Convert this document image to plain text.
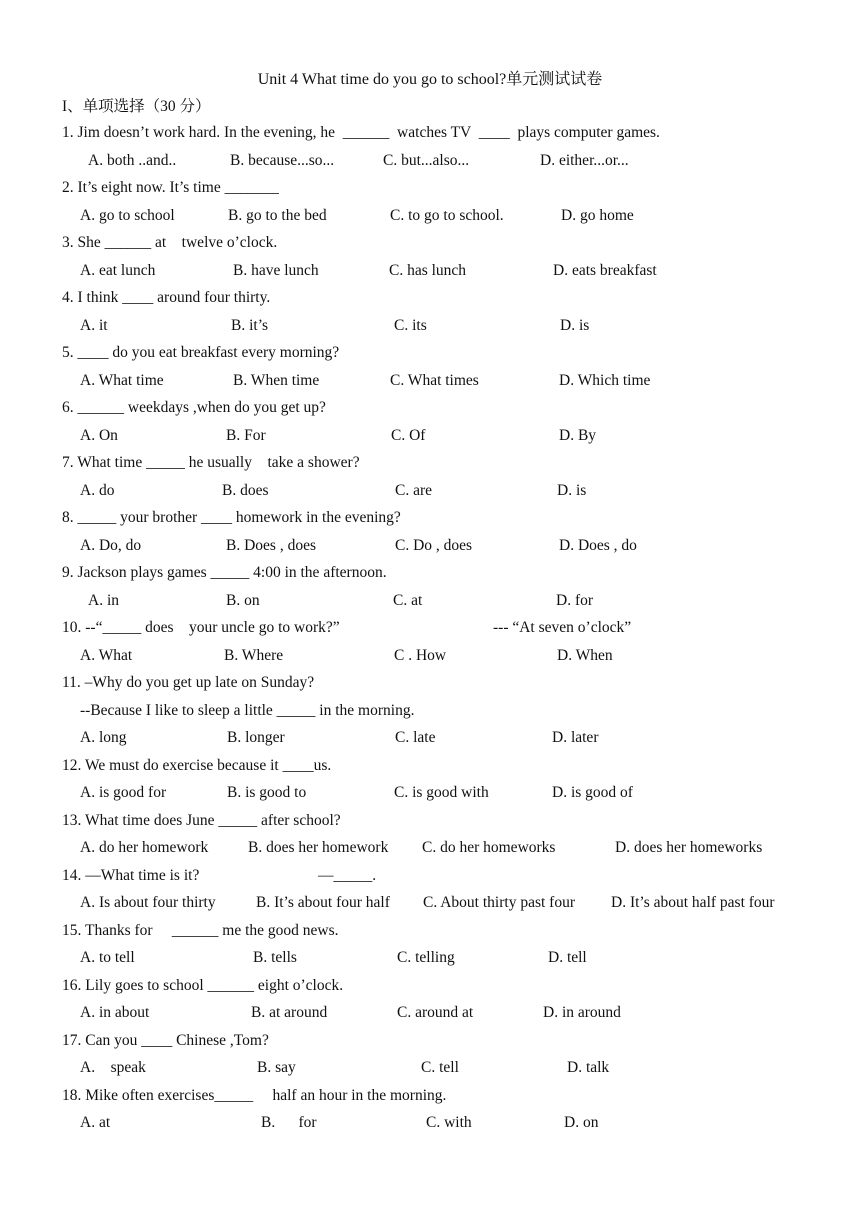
Unit 4 What time do you go to school?单元测试试卷
I、单项选择（30 分）
1. Jim doesn’t work hard. In the evening, he  ______  watches TV  ____  plays computer games.
A. both ..and..	B. because...so...	C. but...also...	D. either...or...
2. It’s eight now. It’s time _______
A. go to school	B. go to the bed	C. to go to school.	D. go home
3. She ______ at    twelve o’clock.
A. eat lunch	B. have lunch	C. has lunch	D. eats breakfast
4. I think ____ around four thirty.
A. it	B. it’s	C. its	D. is
5. ____ do you eat breakfast every morning?
A. What time	B. When time	C. What times	D. Which time
6. ______ weekdays ,when do you get up?
A. On	B. For	C. Of	D. By
7. What time _____ he usually    take a shower?
A. do	B. does	C. are	D. is
8. _____ your brother ____ homework in the evening?
A. Do, do	B. Does , does	C. Do , does	D. Does , do
9. Jackson plays games _____ 4:00 in the afternoon.
A. in	B. on	C. at	D. for
10. --“_____ does    your uncle go to work?”	--- “At seven o’clock”
A. What	B. Where	C . How	D. When
11. –Why do you get up late on Sunday?
--Because I like to sleep a little _____ in the morning.
A. long	B. longer	C. late	D. later
12. We must do exercise because it ____us.
A. is good for	B. is good to	C. is good with	D. is good of
13. What time does June _____ after school?
A. do her homework	B. does her homework C. do her homeworks	D. does her homeworks
14. —What time is it?	—_____.
A. Is about four thirty	B. It’s about four half C. About thirty past four D. It’s about half past four
15. Thanks for     ______ me the good news.
A. to tell	B. tells	C. telling	D. tell
16. Lily goes to school ______ eight o’clock.
A. in about	B. at around	C. around at	D. in around
17. Can you ____ Chinese ,Tom?
A.    speak	B. say	C. tell	D. talk
18. Mike often exercises_____     half an hour in the morning.
A. at	B.      for	C. with	D. on
